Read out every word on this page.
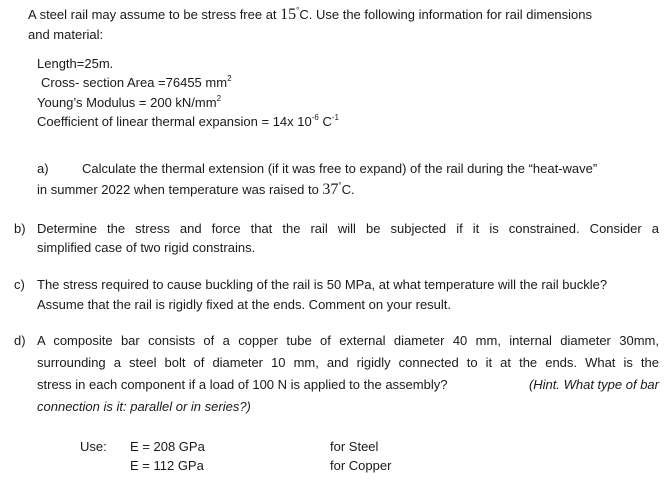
A steel rail may assume to be stress free at 15°C. Use the following information for rail dimensions
and material:
Length=25m.
Cross- section Area =76455 $mm^2$
Young’s Modulus = 200 $kN/mm^2$
Coefficient of linear thermal expansion = 14x $10^{-6}$ $C^{-1}$
a)	Calculate the thermal extension (if it was free to expand) of the rail during the “heat-wave”
in summer 2022 when temperature was raised to 37°C.
b) Determine the stress and force that the rail will be subjected if it is constrained. Consider a
simplified case of two rigid constrains.
c) The stress required to cause buckling of the rail is 50 MPa, at what temperature will the rail buckle?
Assume that the rail is rigidly fixed at the ends. Comment on your result.
d) A composite bar consists of a copper tube of external diameter 40 mm, internal diameter 30mm,
surrounding a steel bolt of diameter 10 mm, and rigidly connected to it at the ends. What is the
stress in each component if a load of 100 N is applied to the assembly?	(Hint. What type of bar
connection is it: parallel or in series?)
Use: E = 208 GPa	for Steel
E = 112 GPa	for Copper
